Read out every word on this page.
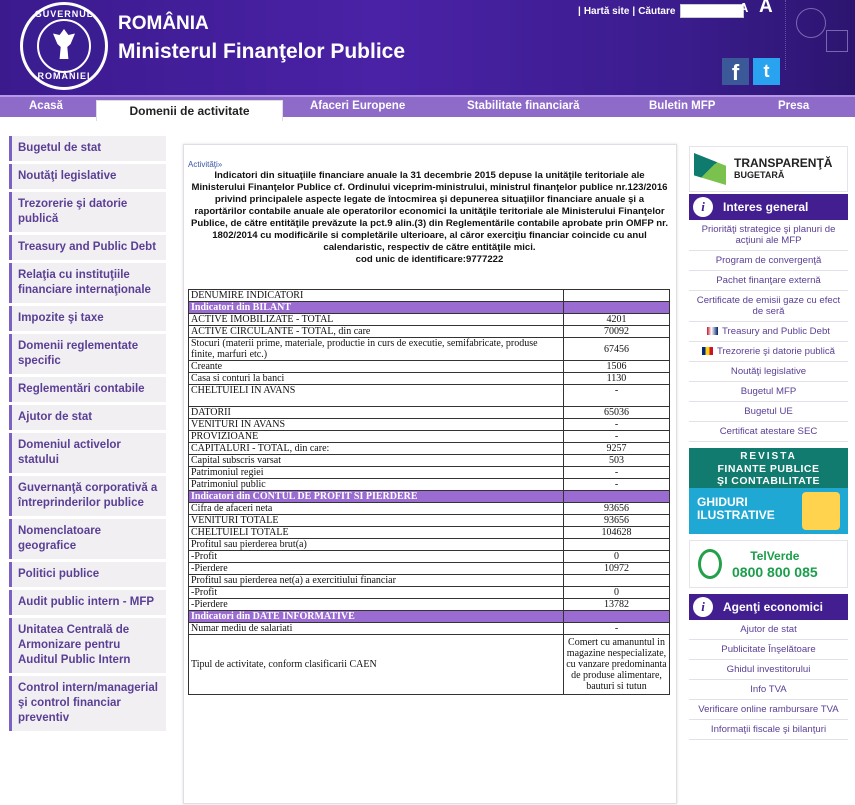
GUVERNUL
ROMÂNIEI
ROMÂNIA
Ministerul Finanţelor Publice
| Hartă site | Căutare	A A
f	t
Acasă	Domenii de activitate	Afaceri Europene	Stabilitate financiară	Buletin MFP	Presa
Bugetul de stat
Noutăţi legislative
Trezorerie şi datorie publică
Treasury and Public Debt
Relaţia cu instituţiile financiare internaţionale
Impozite şi taxe
Domenii reglementate specific
Reglementări contabile
Ajutor de stat
Domeniul activelor statului
Guvernanţă corporativă a întreprinderilor publice
Nomenclatoare geografice
Politici publice
Audit public intern - MFP
Unitatea Centrală de Armonizare pentru Auditul Public Intern
Control intern/managerial şi control financiar preventiv
Activităţi»
Indicatori din situaţiile financiare anuale la 31 decembrie 2015 depuse la unităţile teritoriale ale Ministerului Finanţelor Publice cf. Ordinului viceprim-ministrului, ministrul finanţelor publice nr.123/2016 privind principalele aspecte legate de întocmirea şi depunerea situaţiilor financiare anuale şi a raportărilor contabile anuale ale operatorilor economici la unităţile teritoriale ale Ministerului Finanţelor Publice, de către entităţile prevăzute la pct.9 alin.(3) din Reglementările contabile aprobate prin OMFP nr. 1802/2014 cu modificările si completările ulterioare, al căror exerciţiu financiar coincide cu anul calendaristic, respectiv de către entităţile mici.
cod unic de identificare:9777222
DENUMIRE INDICATORI	
Indicatori din BILANT	
ACTIVE IMOBILIZATE - TOTAL	4201
ACTIVE CIRCULANTE - TOTAL, din care	70092
Stocuri (materii prime, materiale, productie in curs de executie, semifabricate, produse finite, marfuri etc.)	67456
Creante	1506
Casa si conturi la banci	1130
CHELTUIELI IN AVANS	-
DATORII	65036
VENITURI IN AVANS	-
PROVIZIOANE	-
CAPITALURI - TOTAL, din care:	9257
Capital subscris varsat	503
Patrimoniul regiei	-
Patrimoniul public	-
Indicatori din CONTUL DE PROFIT SI PIERDERE	
Cifra de afaceri neta	93656
VENITURI TOTALE	93656
CHELTUIELI TOTALE	104628
Profitul sau pierderea brut(a)	
-Profit	0
-Pierdere	10972
Profitul sau pierderea net(a) a exercitiului financiar	
-Profit	0
-Pierdere	13782
Indicatori din DATE INFORMATIVE	
Numar mediu de salariati	-
Tipul de activitate, conform clasificarii CAEN	Comert cu amanuntul in magazine nespecializate, cu vanzare predominanta de produse alimentare, bauturi si tutun
TRANSPARENŢĂ
BUGETARĂ
i	Interes general
Priorităţi strategice şi planuri de acţiuni ale MFP
Program de convergenţă
Pachet finanţare externă
Certificate de emisii gaze cu efect de seră
Treasury and Public Debt
Trezorerie şi datorie publică
Noutăţi legislative
Bugetul MFP
Bugetul UE
Certificat atestare SEC
REVISTA
FINANTE PUBLICE
ŞI CONTABILITATE
GHIDURI
ILUSTRATIVE
TelVerde
0800 800 085
i	Agenţi economici
Ajutor de stat
Publicitate Înşelătoare
Ghidul investitorului
Info TVA
Verificare online rambursare TVA
Informaţii fiscale şi bilanţuri
